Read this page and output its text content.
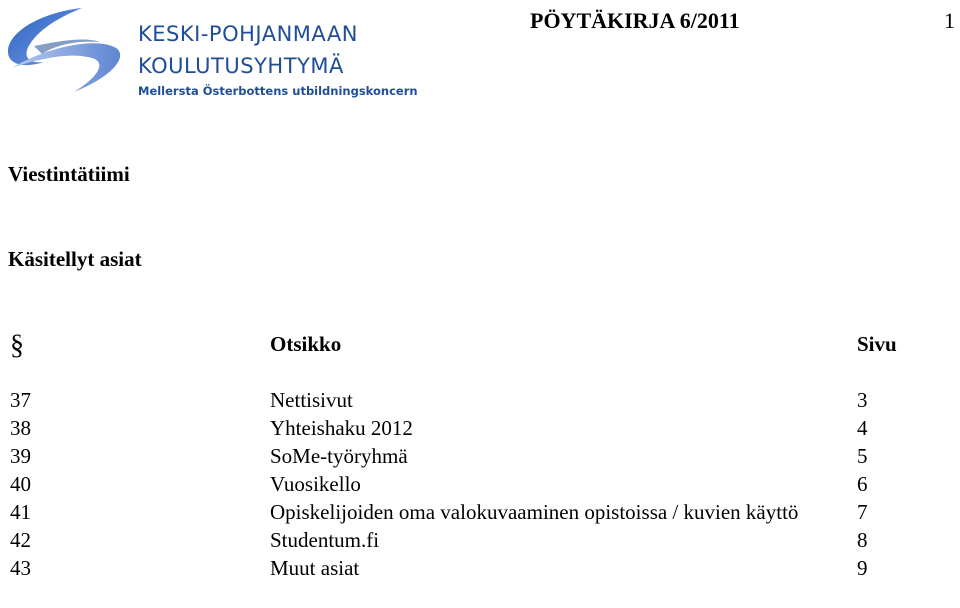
KESKI-POHJANMAAN
KOULUTUSYHTYMÄ
Mellersta Österbottens utbildningskoncern
PÖYTÄKIRJA 6/2011	1
Viestintätiimi
Käsitellyt asiat
§	Otsikko	Sivu
37	Nettisivut	3
38	Yhteishaku 2012	4
39	SoMe-työryhmä	5
40	Vuosikello	6
41	Opiskelijoiden oma valokuvaaminen opistoissa / kuvien käyttö	7
42	Studentum.fi	8
43	Muut asiat	9
